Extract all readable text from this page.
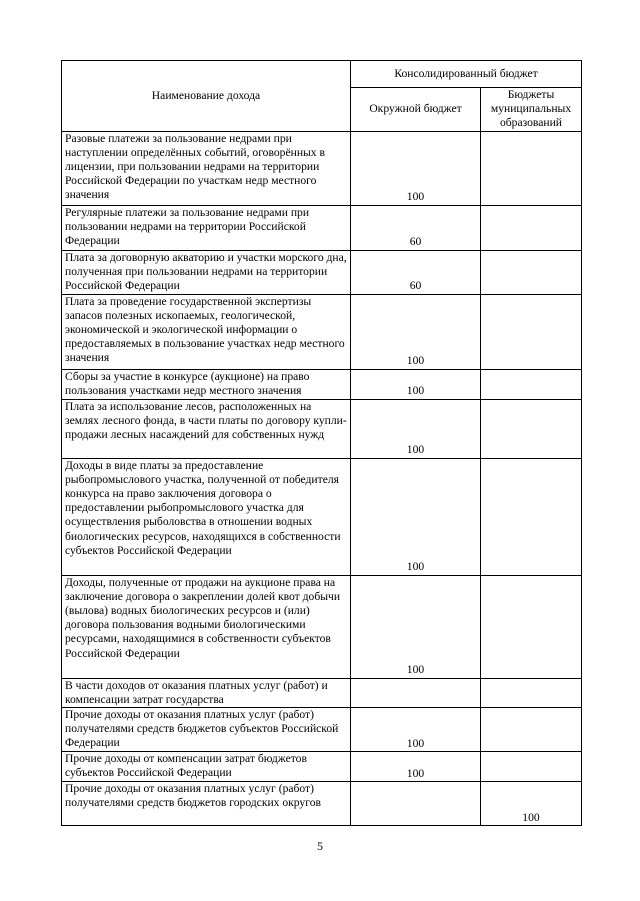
Наименование дохода	Консолидированный бюджет	
	Окружной бюджет	Бюджеты муниципальных образований
Разовые платежи за пользование недрами при наступлении определённых событий, оговорённых в лицензии, при пользовании недрами на территории Российской Федерации по участкам недр местного значения	100	
Регулярные платежи за пользование недрами при пользовании недрами на территории Российской Федерации	60	
Плата за договорную акваторию и участки морского дна, полученная при пользовании недрами на территории Российской Федерации	60	
Плата за проведение государственной экспертизы запасов полезных ископаемых, геологической, экономической и экологической информации о предоставляемых в пользование участках недр местного значения	100	
Сборы за участие в конкурсе (аукционе) на право пользования участками недр местного значения	100	
Плата за использование лесов, расположенных на землях лесного фонда, в части платы по договору купли-продажи лесных насаждений для собственных нужд	100	
Доходы в виде платы за предоставление рыбопромыслового участка, полученной от победителя конкурса на право заключения договора о предоставлении рыбопромыслового участка для осуществления рыболовства в отношении водных биологических ресурсов, находящихся в собственности субъектов Российской Федерации	100	
Доходы, полученные от продажи на аукционе права на заключение договора о закреплении долей квот добычи (вылова) водных биологических ресурсов и (или) договора пользования водными биологическими ресурсами, находящимися в собственности субъектов Российской Федерации	100	
В части доходов от оказания платных услуг (работ) и компенсации затрат государства		
Прочие доходы от оказания платных услуг (работ) получателями средств бюджетов субъектов Российской Федерации	100	
Прочие доходы от компенсации затрат бюджетов субъектов Российской Федерации	100	
Прочие доходы от оказания платных услуг (работ) получателями средств бюджетов городских округов		100
5
